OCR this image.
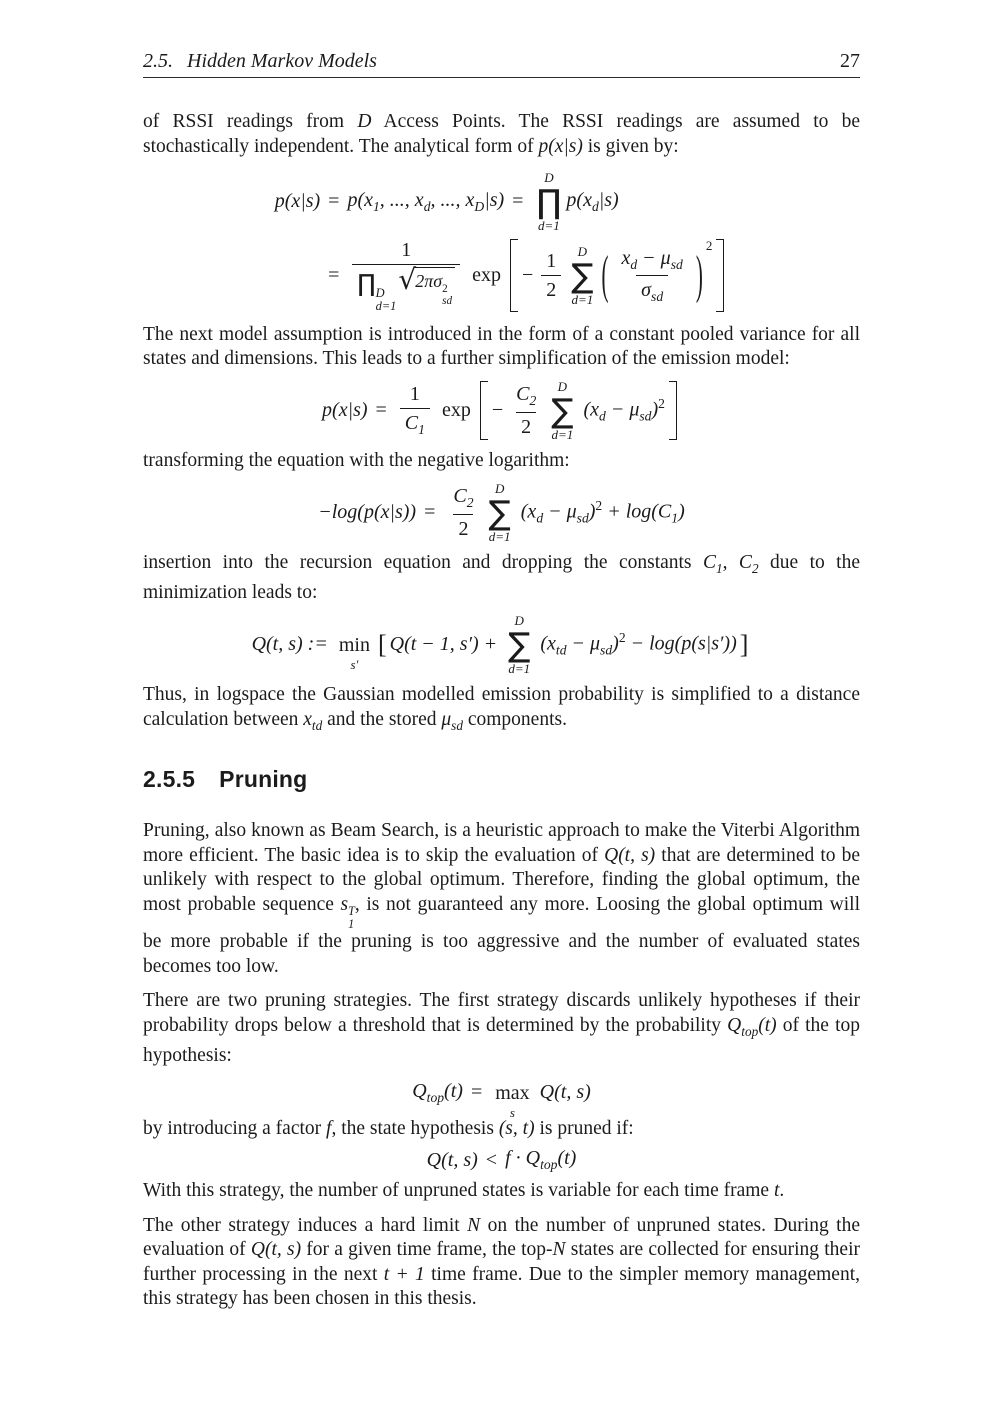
2.5. Hidden Markov Models	27

of RSSI readings from D Access Points. The RSSI readings are assumed to be stochastically independent. The analytical form of p(x|s) is given by:

$p(x|s) = p(x_1$, ..., $x_d$, ..., $x_D|s$) =
D
∏
d=1
$p(x_d|s)$
= 1
∏ D
d=1
√ 2πσ 2
sd $\exp - \frac{1}{2}$ D
∑
d=1 ( $\frac{x_d - \mu_{sd}}{\sigma_{sd}}$ ) 2

The next model assumption is introduced in the form of a constant pooled variance for all states and dimensions. This leads to a further simplification of the emission model:

$p(x|s) = \frac{1}{C_1}$ $\exp - \frac{C_2}{2}$ D
∑
d=1
$(x_d - \mu_{sd})^2$

transforming the equation with the negative logarithm:

$-\log(p(x|s)) = \frac{C_2}{2}$ D
∑
d=1
$(x_d - \mu_{sd})^2 + \log(C_1)$

insertion into the recursion equation and dropping the constants $C_1$, $C_2$ due to the minimization leads to:

Q(t, s) := min
s′
[ Q(t − 1, s′) +
D
∑
d=1
$(x_{td} - \mu_{sd})^2 - \log(p(s|s'))$ ]

Thus, in logspace the Gaussian modelled emission probability is simplified to a distance calculation between $x_{td}$ and the stored $\mu_{sd}$ components.

2.5.5 Pruning

Pruning, also known as Beam Search, is a heuristic approach to make the Viterbi Algorithm more efficient. The basic idea is to skip the evaluation of Q(t, s) that are determined to be unlikely with respect to the global optimum. Therefore, finding the global optimum, the most probable sequence s T
1
, is not guaranteed any more. Loosing the global optimum will be more probable if the pruning is too aggressive and the number of evaluated states becomes too low.

There are two pruning strategies. The first strategy discards unlikely hypotheses if their probability drops below a threshold that is determined by the probability $Q_{top}(t)$ of the top hypothesis:

$Q_{top}(t) = \max$
s
Q(t, s)

by introducing a factor f, the state hypothesis (s, t) is pruned if:

Q(t, $s) < f \cdot Q_{top}(t)$

With this strategy, the number of unpruned states is variable for each time frame t.

The other strategy induces a hard limit N on the number of unpruned states. During the evaluation of Q(t, s) for a given time frame, the top-N states are collected for ensuring their further processing in the next t + 1 time frame. Due to the simpler memory management, this strategy has been chosen in this thesis.
